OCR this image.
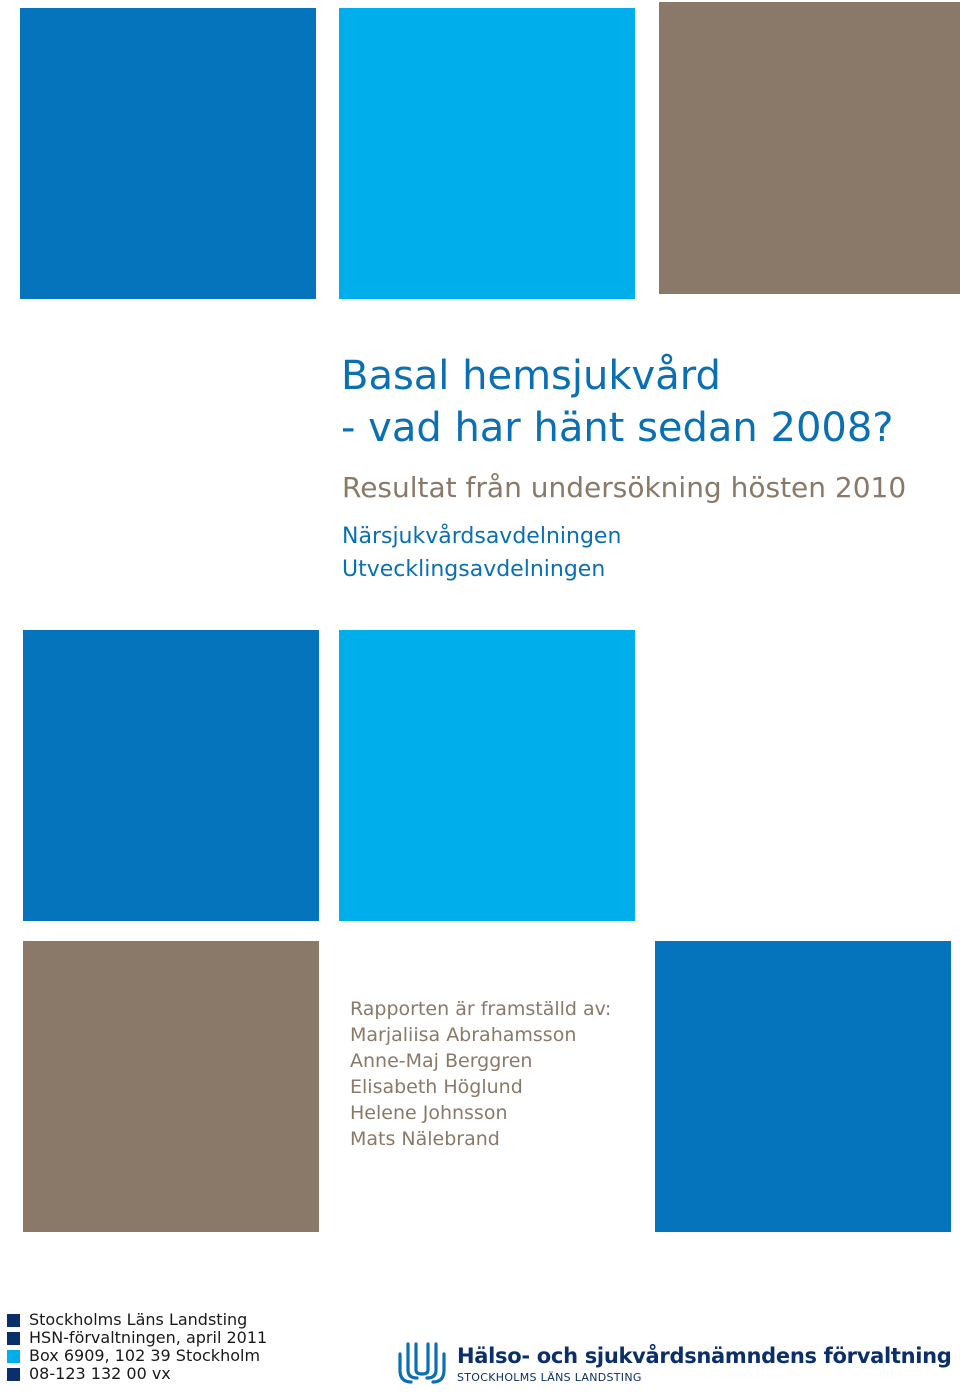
Basal hemsjukvård
- vad har hänt sedan 2008?
Resultat från undersökning hösten 2010
Närsjukvårdsavdelningen
Utvecklingsavdelningen
Rapporten är framställd av:
Marjaliisa Abrahamsson
Anne-Maj Berggren
Elisabeth Höglund
Helene Johnsson
Mats Nälebrand
Stockholms Läns Landsting
HSN-förvaltningen, april 2011
Box 6909, 102 39 Stockholm
08-123 132 00 vx
Hälso- och sjukvårdsnämndens förvaltning
STOCKHOLMS LÄNS LANDSTING
